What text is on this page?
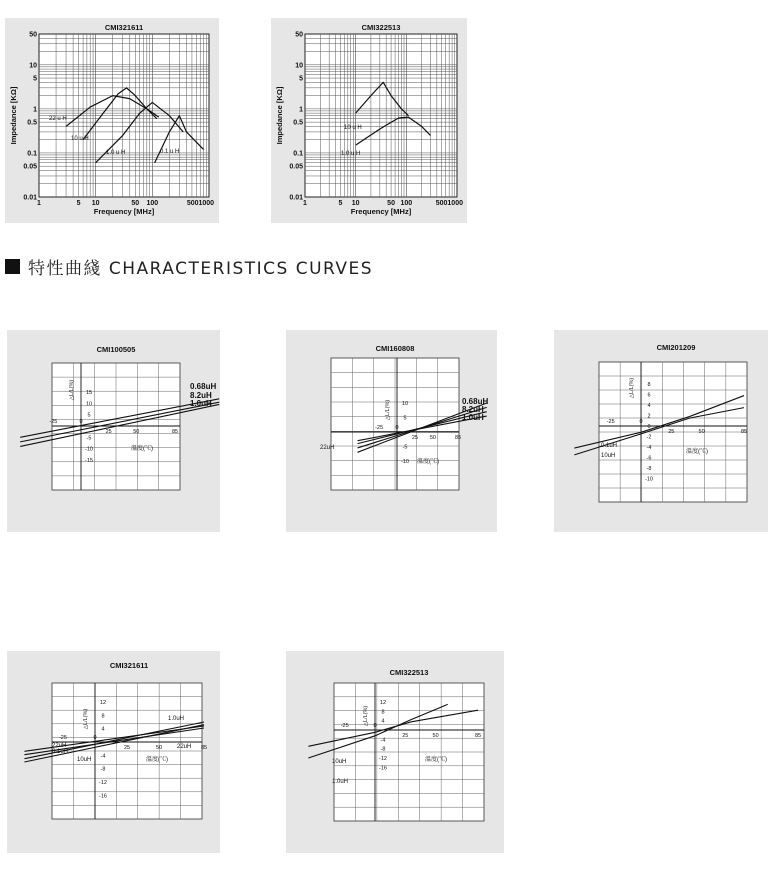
CMI321611
1	5 10	50 100	5001000
50
10
5
1
0.5
0.1
0.05
0.01
Frequency [MHz]
Impedance [KΩ]	22 u H
10 u H
1.0 u H	0.1 u H
CMI322513
1	5 10	50 100	5001000
50
10
5
1
0.5
0.1
0.05
0.01
Frequency [MHz]
Impedance [KΩ]	10 u H
1.0 u H
特性曲綫 CHARACTERISTICS CURVES
CMI100505
△L/L(%)
-25	0
25	50	85
15
10
5
-5
-10
-15
溫度(℃)
0.68uH
8.2uH
1.0uH
CMI160808
△L/L(%)
-25 0
25 50	85
10
5
-5
-10 溫度(℃)
22uH
0.68uH
8.2uH
1.0uH
CMI201209
△L/L(%)
-25	0
25	50	85
8
6
4
2
0
-2
-4
-6
-8
-10
溫度(℃)
0.1uH
10uH
CMI321611
△L/L(%)
-25	0
25	50	85
12
8
4
-4
-8
-12
-16
溫度(℃)
1.0uH
22uH
0.1uH
10uH
22uH
CMI322513
△L/L(%)
-25	0
25	50	85
12
8
4
-4
-8
-12
-16
溫度(℃)
10uH
1.0uH
